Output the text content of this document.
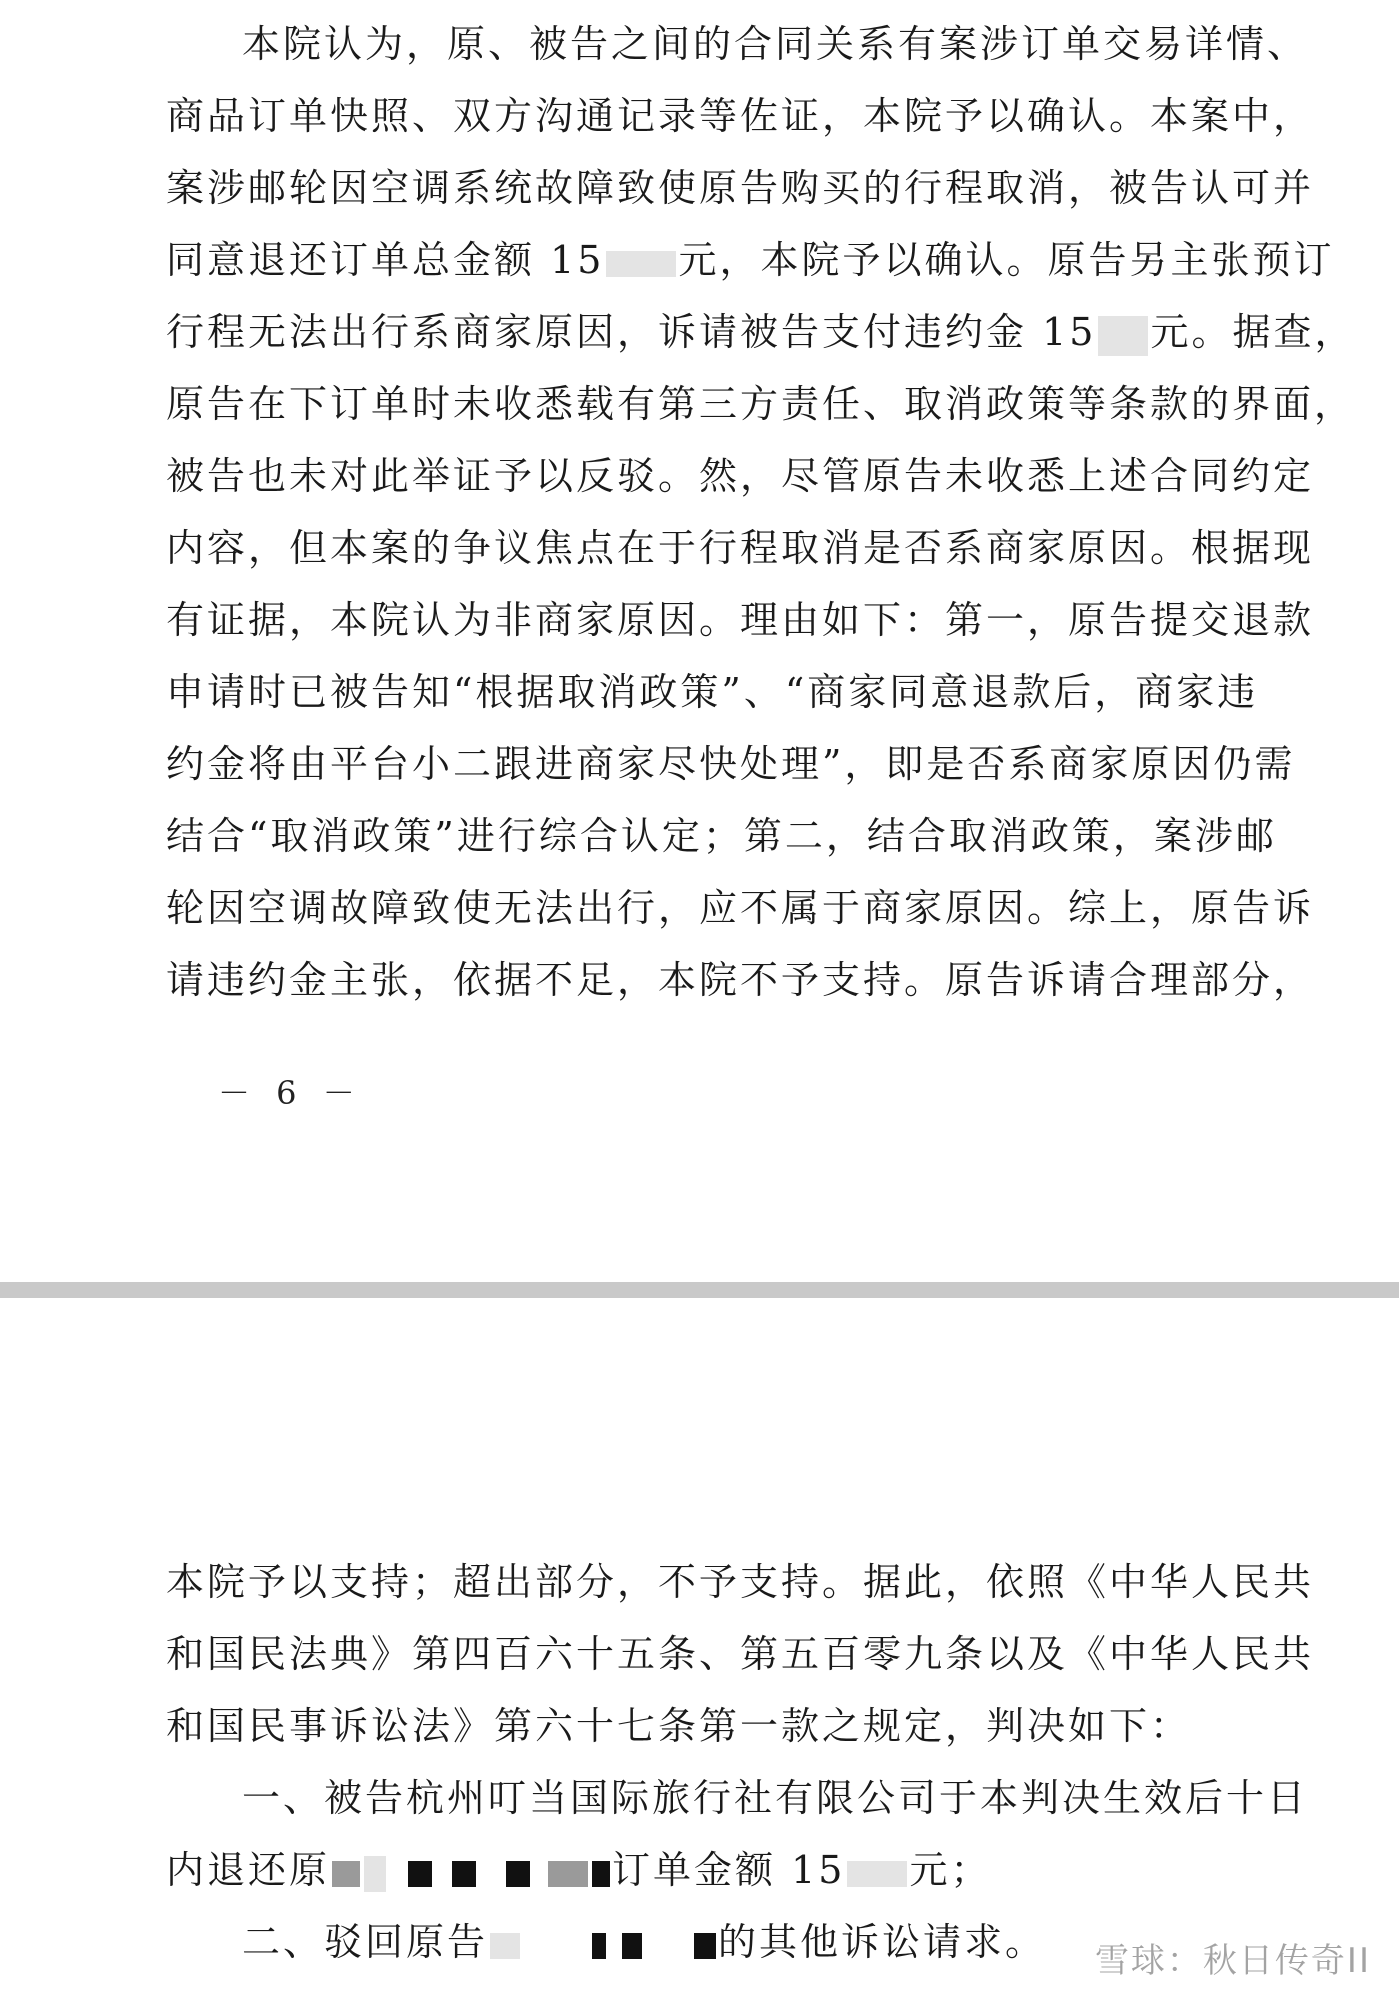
本院认为，原、被告之间的合同关系有案涉订单交易详情、
商品订单快照、双方沟通记录等佐证，本院予以确认。本案中，
案涉邮轮因空调系统故障致使原告购买的行程取消，被告认可并
同意退还订单总金额 15 元，本院予以确认。原告另主张预订
行程无法出行系商家原因，诉请被告支付违约金 15 元。据查，
原告在下订单时未收悉载有第三方责任、取消政策等条款的界面，
被告也未对此举证予以反驳。然，尽管原告未收悉上述合同约定
内容，但本案的争议焦点在于行程取消是否系商家原因。根据现
有证据，本院认为非商家原因。理由如下：第一，原告提交退款
申请时已被告知“根据取消政策”、“商家同意退款后，商家违
约金将由平台小二跟进商家尽快处理”，即是否系商家原因仍需
结合“取消政策”进行综合认定；第二，结合取消政策，案涉邮
轮因空调故障致使无法出行，应不属于商家原因。综上，原告诉
请违约金主张，依据不足，本院不予支持。原告诉请合理部分，
－ 6 －
本院予以支持；超出部分，不予支持。据此，依照《中华人民共
和国民法典》第四百六十五条、第五百零九条以及《中华人民共
和国民事诉讼法》第六十七条第一款之规定，判决如下：
一、被告杭州叮当国际旅行社有限公司于本判决生效后十日
内退还原	订单金额 15 元；
二、驳回原告	的其他诉讼请求。	雪球：秋日传奇II
